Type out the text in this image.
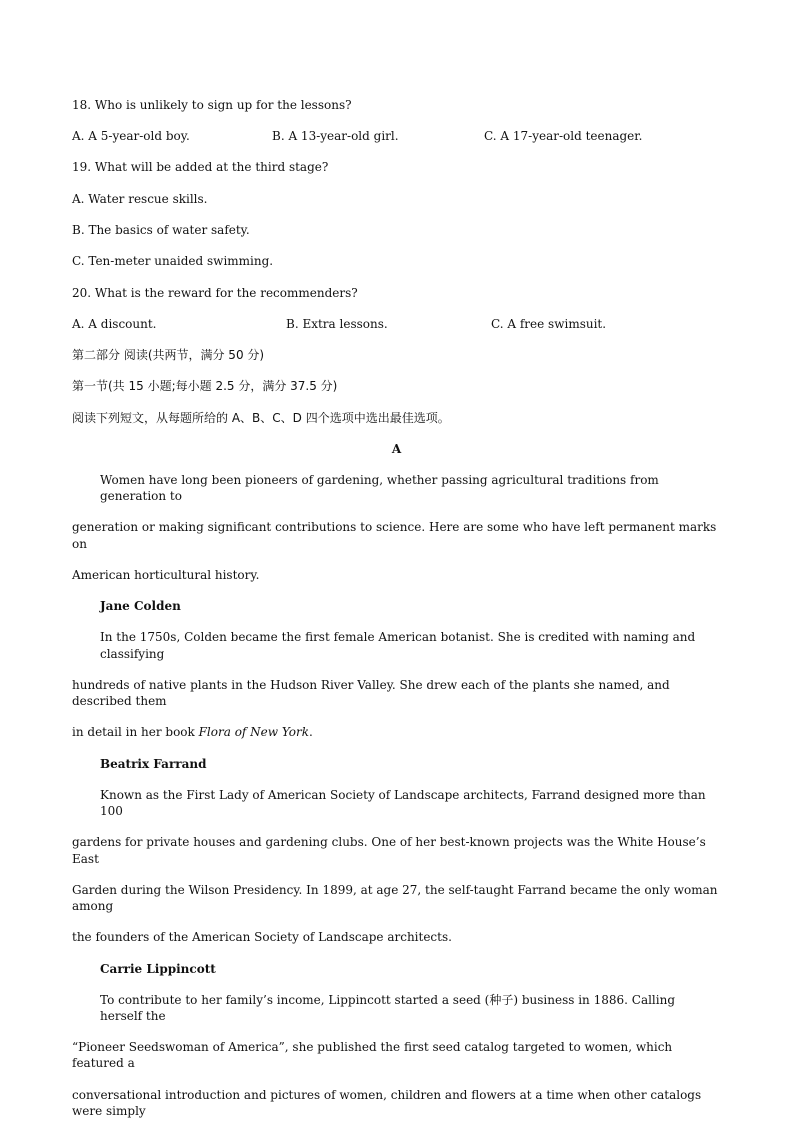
18. Who is unlikely to sign up for the lessons?
A. A 5-year-old boy.	B. A 13-year-old girl.	C. A 17-year-old teenager.
19. What will be added at the third stage?
A. Water rescue skills.
B. The basics of water safety.
C. Ten-meter unaided swimming.
20. What is the reward for the recommenders?
A. A discount.	B. Extra lessons.	C. A free swimsuit.
第二部分 阅读(共两节，满分 50 分)
第一节(共 15 小题;每小题 2.5 分，满分 37.5 分)
阅读下列短文，从每题所给的 A、B、C、D 四个选项中选出最佳选项。
A
Women have long been pioneers of gardening, whether passing agricultural traditions from
generation to
generation or making significant contributions to science. Here are some who have left permanent marks
on
American horticultural history.
Jane Colden
In the 1750s, Colden became the first female American botanist. She is credited with naming and
classifying
hundreds of native plants in the Hudson River Valley. She drew each of the plants she named, and
described them
in detail in her book Flora of New York.
Beatrix Farrand
Known as the First Lady of American Society of Landscape architects, Farrand designed more than
100
gardens for private houses and gardening clubs. One of her best-known projects was the White House’s
East
Garden during the Wilson Presidency. In 1899, at age 27, the self-taught Farrand became the only woman
among
the founders of the American Society of Landscape architects.
Carrie Lippincott
To contribute to her family’s income, Lippincott started a seed (种子) business in 1886. Calling
herself the
“Pioneer Seedswoman of America”, she published the first seed catalog targeted to women, which
featured a
conversational introduction and pictures of women, children and flowers at a time when other catalogs
were simply
